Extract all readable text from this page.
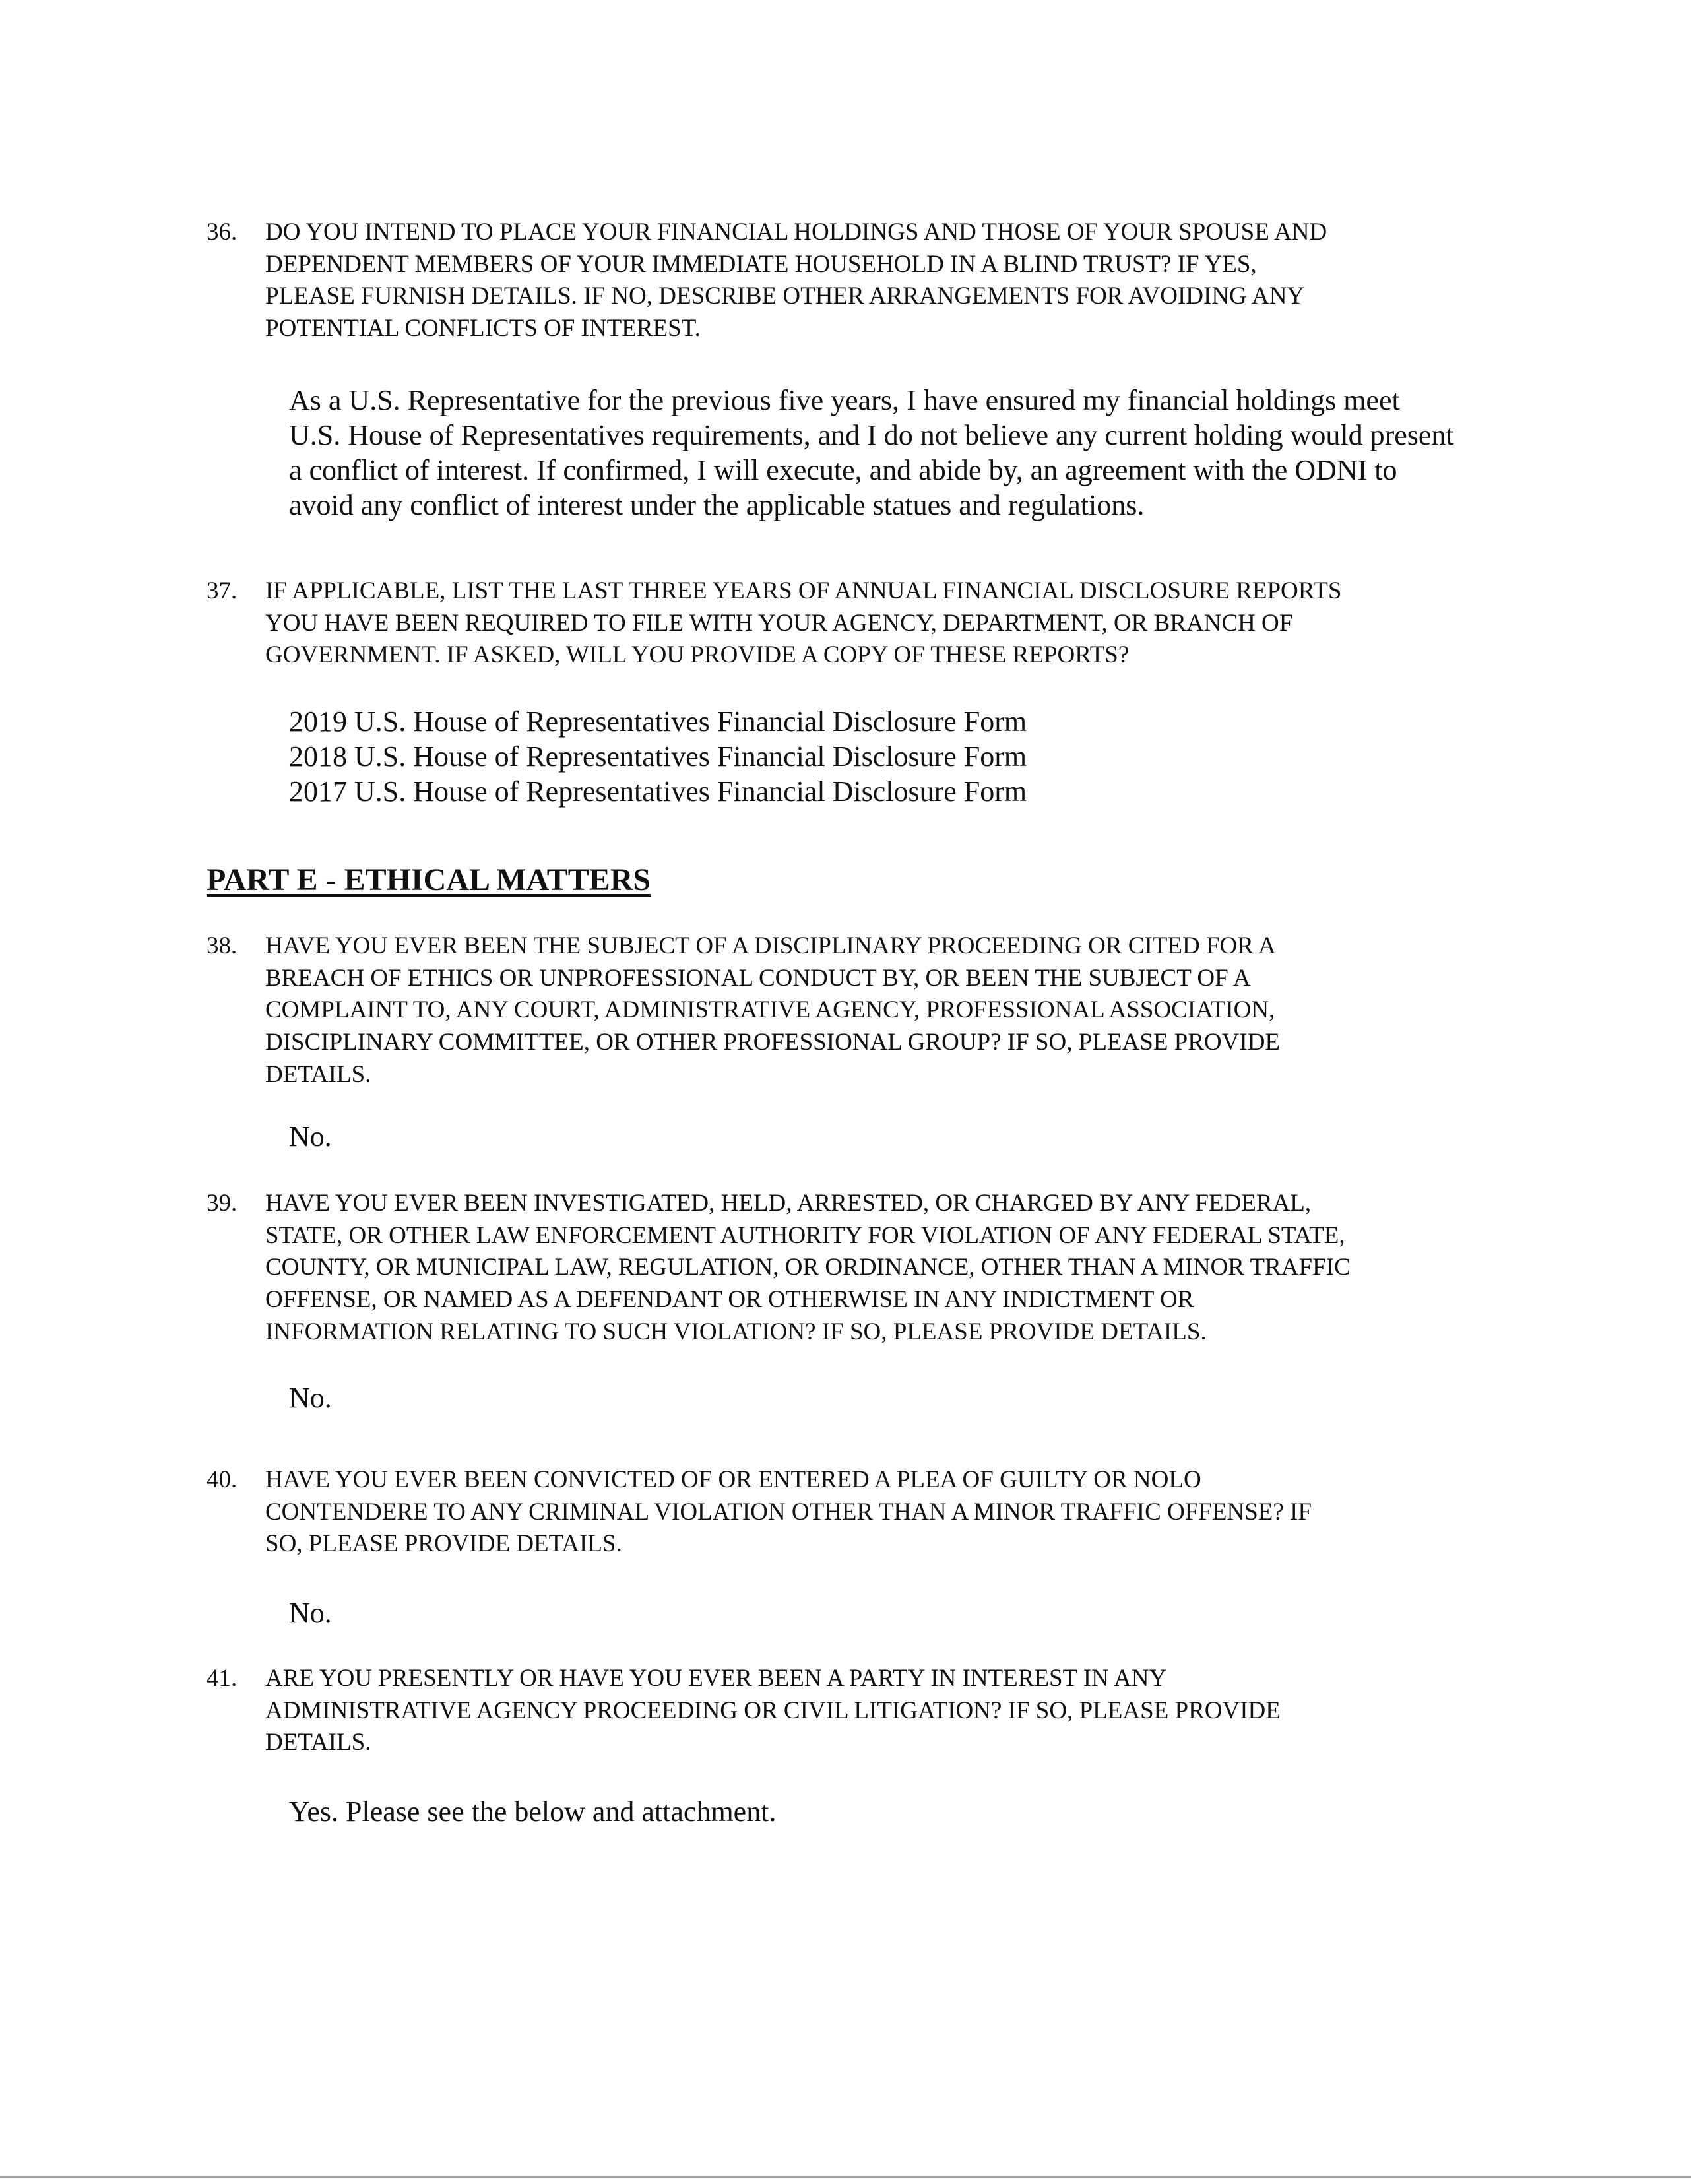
PART E - ETHICAL MATTERS
36. DO YOU INTEND TO PLACE YOUR FINANCIAL HOLDINGS AND THOSE OF YOUR SPOUSE AND
DEPENDENT MEMBERS OF YOUR IMMEDIATE HOUSEHOLD IN A BLIND TRUST? IF YES,
PLEASE FURNISH DETAILS. IF NO, DESCRIBE OTHER ARRANGEMENTS FOR AVOIDING ANY
POTENTIAL CONFLICTS OF INTEREST.
As a U.S. Representative for the previous five years, I have ensured my financial holdings meet
U.S. House of Representatives requirements, and I do not believe any current holding would present
a conflict of interest. If confirmed, I will execute, and abide by, an agreement with the ODNI to
avoid any conflict of interest under the applicable statues and regulations.
37. IF APPLICABLE, LIST THE LAST THREE YEARS OF ANNUAL FINANCIAL DISCLOSURE REPORTS
YOU HAVE BEEN REQUIRED TO FILE WITH YOUR AGENCY, DEPARTMENT, OR BRANCH OF
GOVERNMENT. IF ASKED, WILL YOU PROVIDE A COPY OF THESE REPORTS?
2019 U.S. House of Representatives Financial Disclosure Form
2018 U.S. House of Representatives Financial Disclosure Form
2017 U.S. House of Representatives Financial Disclosure Form
38. HAVE YOU EVER BEEN THE SUBJECT OF A DISCIPLINARY PROCEEDING OR CITED FOR A
BREACH OF ETHICS OR UNPROFESSIONAL CONDUCT BY, OR BEEN THE SUBJECT OF A
COMPLAINT TO, ANY COURT, ADMINISTRATIVE AGENCY, PROFESSIONAL ASSOCIATION,
DISCIPLINARY COMMITTEE, OR OTHER PROFESSIONAL GROUP? IF SO, PLEASE PROVIDE
DETAILS.
No.
39. HAVE YOU EVER BEEN INVESTIGATED, HELD, ARRESTED, OR CHARGED BY ANY FEDERAL,
STATE, OR OTHER LAW ENFORCEMENT AUTHORITY FOR VIOLATION OF ANY FEDERAL STATE,
COUNTY, OR MUNICIPAL LAW, REGULATION, OR ORDINANCE, OTHER THAN A MINOR TRAFFIC
OFFENSE, OR NAMED AS A DEFENDANT OR OTHERWISE IN ANY INDICTMENT OR
INFORMATION RELATING TO SUCH VIOLATION? IF SO, PLEASE PROVIDE DETAILS.
No.
40. HAVE YOU EVER BEEN CONVICTED OF OR ENTERED A PLEA OF GUILTY OR NOLO
CONTENDERE TO ANY CRIMINAL VIOLATION OTHER THAN A MINOR TRAFFIC OFFENSE? IF
SO, PLEASE PROVIDE DETAILS.
No.
41. ARE YOU PRESENTLY OR HAVE YOU EVER BEEN A PARTY IN INTEREST IN ANY
ADMINISTRATIVE AGENCY PROCEEDING OR CIVIL LITIGATION? IF SO, PLEASE PROVIDE
DETAILS.
Yes. Please see the below and attachment.
